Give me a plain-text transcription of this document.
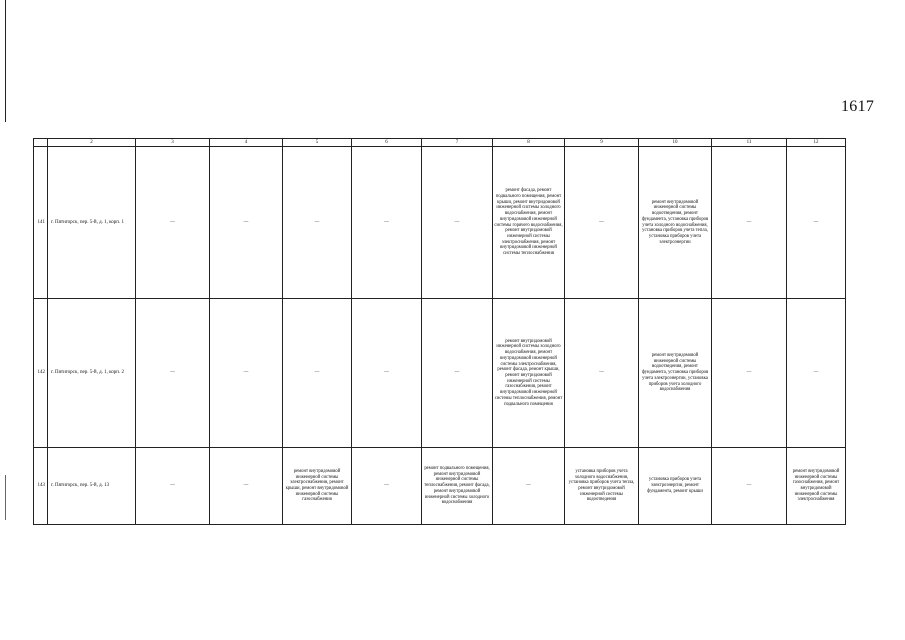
1617
	2	3	4	5	6	7	8	9	10	11	12
141	г. Пятигорск, пер. 5-й, д. 1, корп. 1	—	—	—	—	—	ремонт фасада, ремонт подвального помещения, ремонт крыши, ремонт внутридомовой инженерной системы холодного водоснабжения, ремонт внутридомовой инженерной системы горячего водоснабжения, ремонт внутридомовой инженерной системы электроснабжения, ремонт внутридомовой инженерной системы теплоснабжения	—	ремонт внутридомовой инженерной системы водоотведения, ремонт фундамента, установка приборов учета холодного водоснабжения, установка приборов учета тепла, установка приборов учета электроэнергии	—	—
142	г. Пятигорск, пер. 5-й, д. 1, корп. 2	—	—	—	—	—	ремонт внутридомовой инженерной системы холодного водоснабжения, ремонт внутридомовой инженерной системы электроснабжения, ремонт фасада, ремонт крыши, ремонт внутридомовой инженерной системы газоснабжения, ремонт внутридомовой инженерной системы теплоснабжения, ремонт подвального помещения	—	ремонт внутридомовой инженерной системы водоотведения, ремонт фундамента, установка приборов учета электроэнергии, установка приборов учета холодного водоснабжения	—	—
143	г. Пятигорск, пер. 5-й, д. 13	—	—	ремонт внутридомовой инженерной системы электроснабжения, ремонт крыши, ремонт внутридомовой инженерной системы газоснабжения	—	ремонт подвального помещения, ремонт внутридомовой инженерной системы теплоснабжения, ремонт фасада, ремонт внутридомовой инженерной системы холодного водоснабжения	—	установка приборов учета холодного водоснабжения, установка приборов учета тепла, ремонт внутридомовой инженерной системы водоотведения	установка приборов учета электроэнергии, ремонт фундамента, ремонт крыши	—	ремонт внутридомовой инженерной системы газоснабжения, ремонт внутридомовой инженерной системы электроснабжения
